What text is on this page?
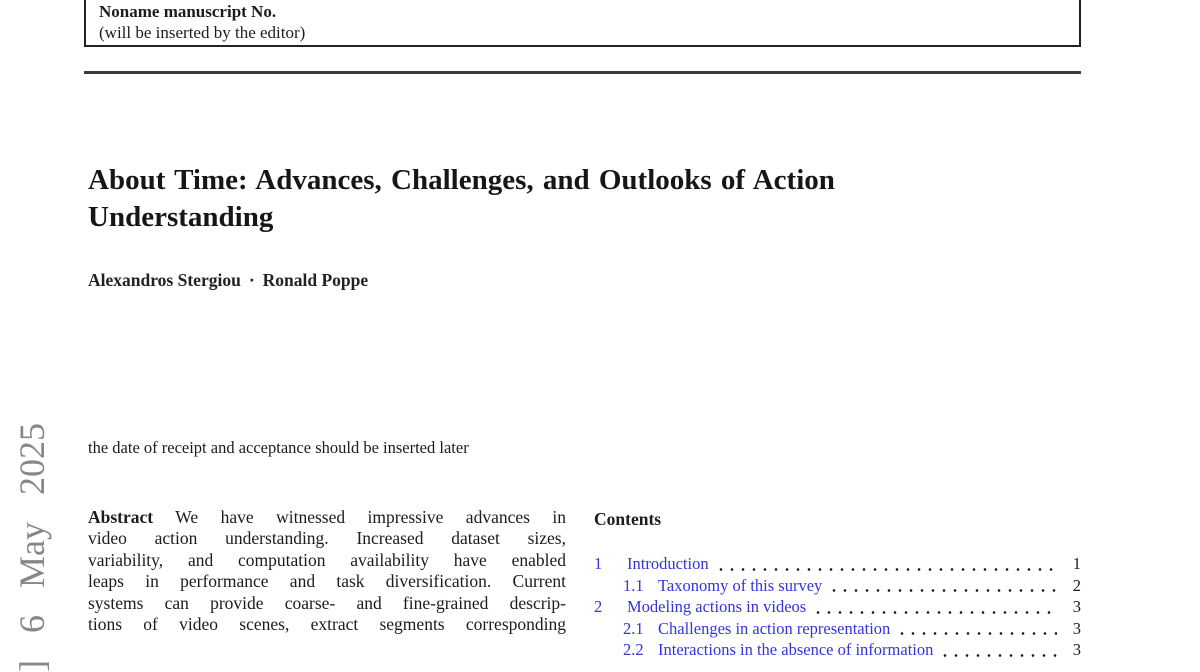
Noname manuscript No.
(will be inserted by the editor)
] 6 May 2025
About Time: Advances, Challenges, and Outlooks of Action
Understanding
Alexandros Stergiou · Ronald Poppe
the date of receipt and acceptance should be inserted later
Abstract We have witnessed impressive advances in
video action understanding. Increased dataset sizes,
variability, and computation availability have enabled
leaps in performance and task diversification. Current
systems can provide coarse- and fine-grained descrip-
tions of video scenes, extract segments corresponding
Contents
1	Introduction	1
1.1 Taxonomy of this survey	2
2	Modeling actions in videos	3
2.1 Challenges in action representation	3
2.2 Interactions in the absence of information	3
